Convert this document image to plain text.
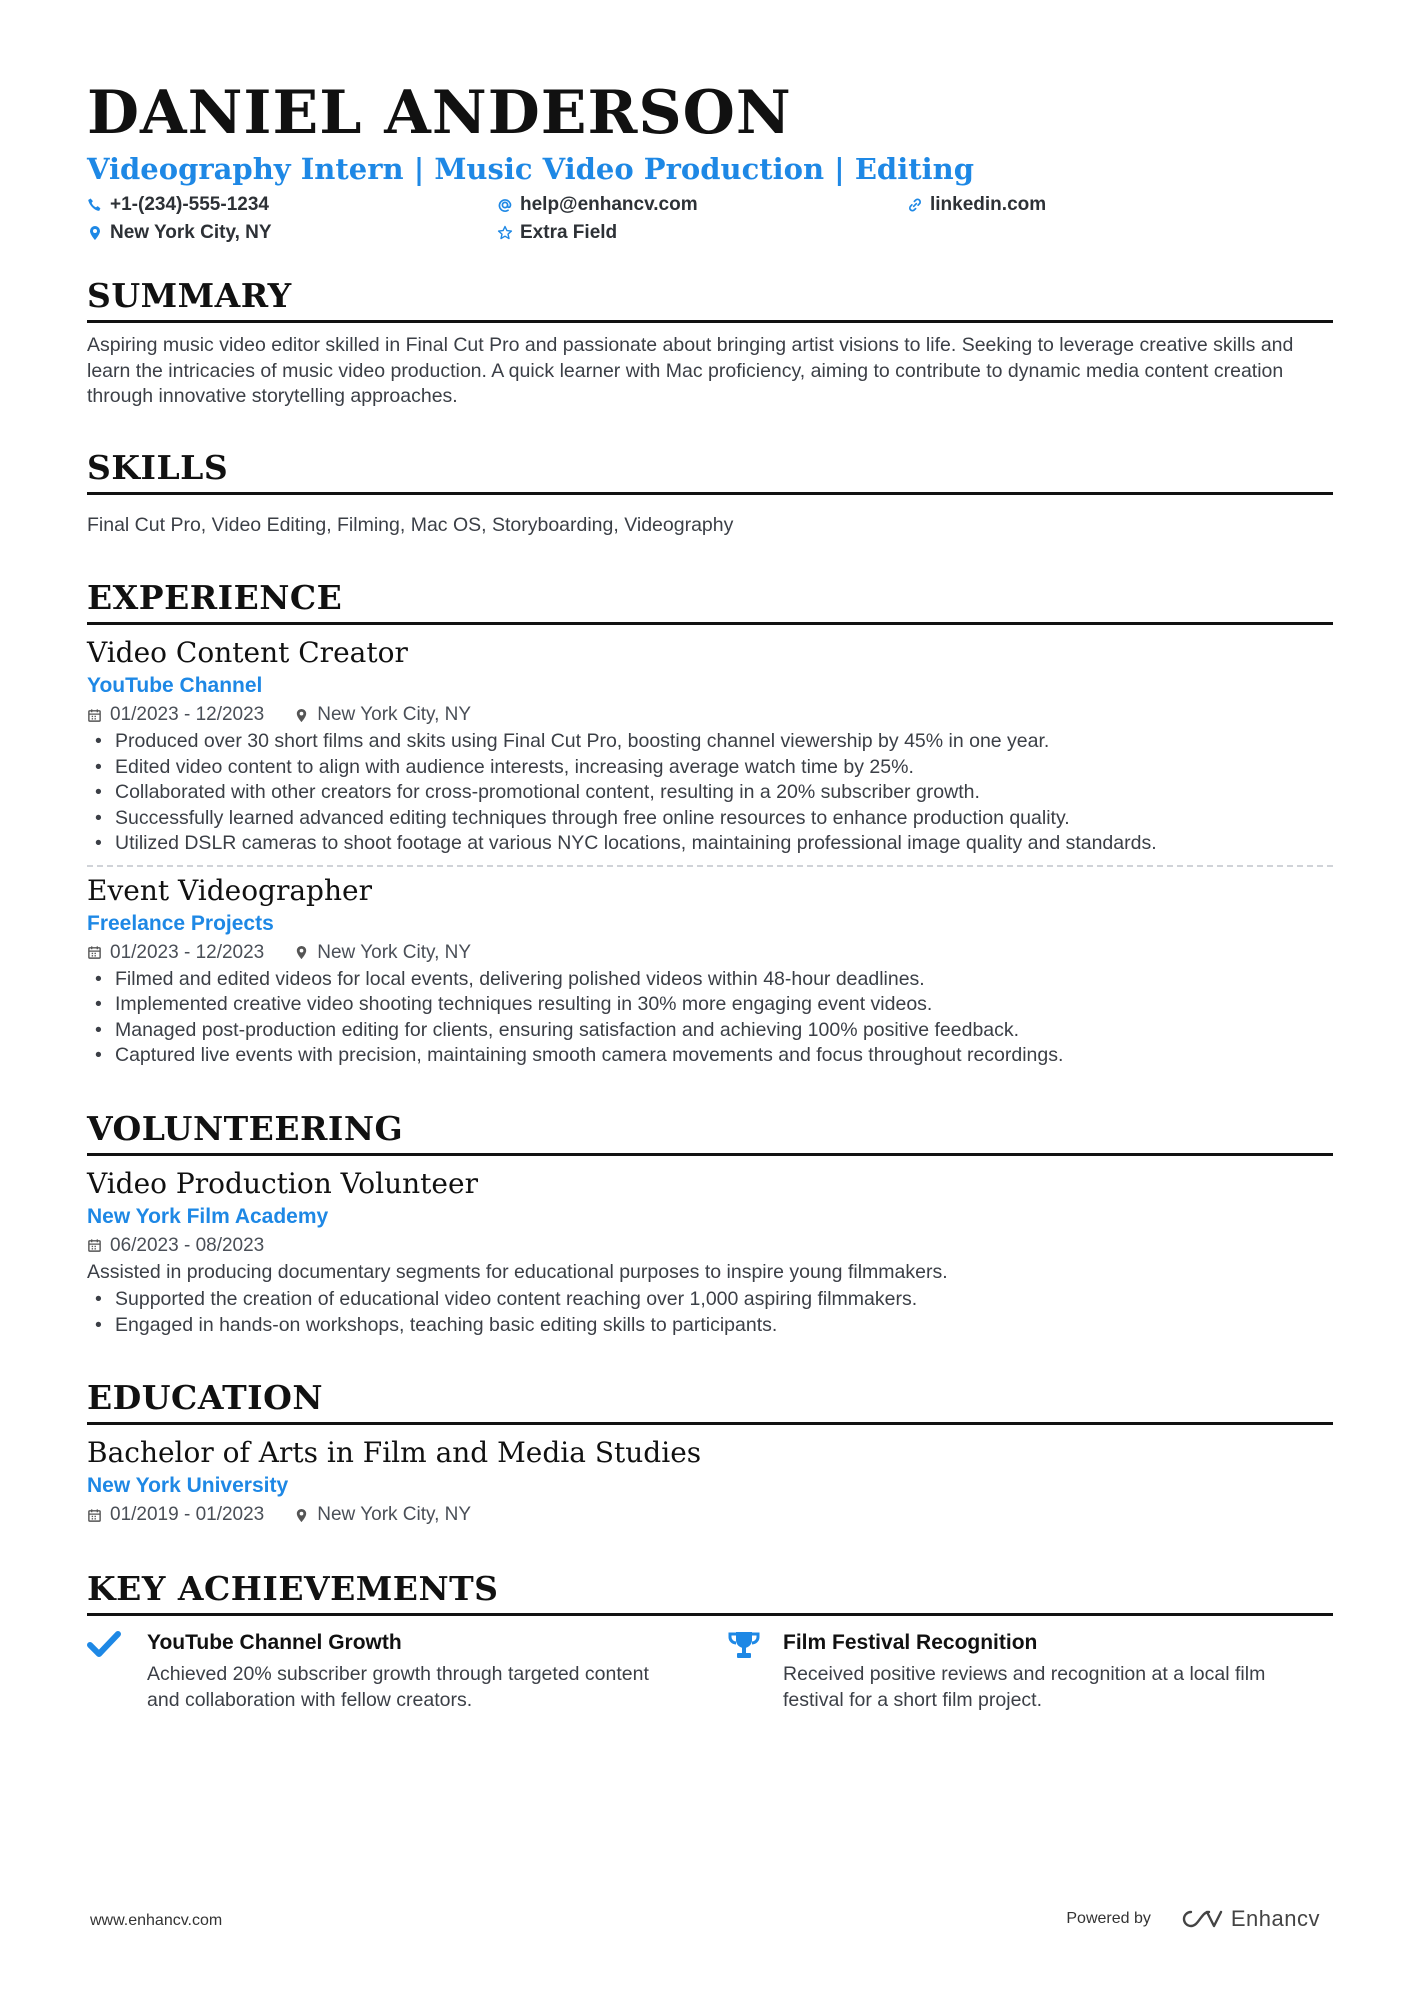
DANIEL ANDERSON
Videography Intern | Music Video Production | Editing
+1-(234)-555-1234	help@enhancv.com	linkedin.com
New York City, NY	Extra Field
SUMMARY
Aspiring music video editor skilled in Final Cut Pro and passionate about bringing artist visions to life. Seeking to leverage creative skills and learn the intricacies of music video production. A quick learner with Mac proficiency, aiming to contribute to dynamic media content creation through innovative storytelling approaches.
SKILLS
Final Cut Pro, Video Editing, Filming, Mac OS, Storyboarding, Videography
EXPERIENCE
Video Content Creator
YouTube Channel
01/2023 - 12/2023	New York City, NY
• Produced over 30 short films and skits using Final Cut Pro, boosting channel viewership by 45% in one year.
• Edited video content to align with audience interests, increasing average watch time by 25%.
• Collaborated with other creators for cross-promotional content, resulting in a 20% subscriber growth.
• Successfully learned advanced editing techniques through free online resources to enhance production quality.
• Utilized DSLR cameras to shoot footage at various NYC locations, maintaining professional image quality and standards.
Event Videographer
Freelance Projects
01/2023 - 12/2023	New York City, NY
• Filmed and edited videos for local events, delivering polished videos within 48-hour deadlines.
• Implemented creative video shooting techniques resulting in 30% more engaging event videos.
• Managed post-production editing for clients, ensuring satisfaction and achieving 100% positive feedback.
• Captured live events with precision, maintaining smooth camera movements and focus throughout recordings.
VOLUNTEERING
Video Production Volunteer
New York Film Academy
06/2023 - 08/2023
Assisted in producing documentary segments for educational purposes to inspire young filmmakers.
• Supported the creation of educational video content reaching over 1,000 aspiring filmmakers.
• Engaged in hands-on workshops, teaching basic editing skills to participants.
EDUCATION
Bachelor of Arts in Film and Media Studies
New York University
01/2019 - 01/2023	New York City, NY
KEY ACHIEVEMENTS
YouTube Channel Growth
Achieved 20% subscriber growth through targeted content and collaboration with fellow creators.
Film Festival Recognition
Received positive reviews and recognition at a local film festival for a short film project.
www.enhancv.com	Powered by	Enhancv
